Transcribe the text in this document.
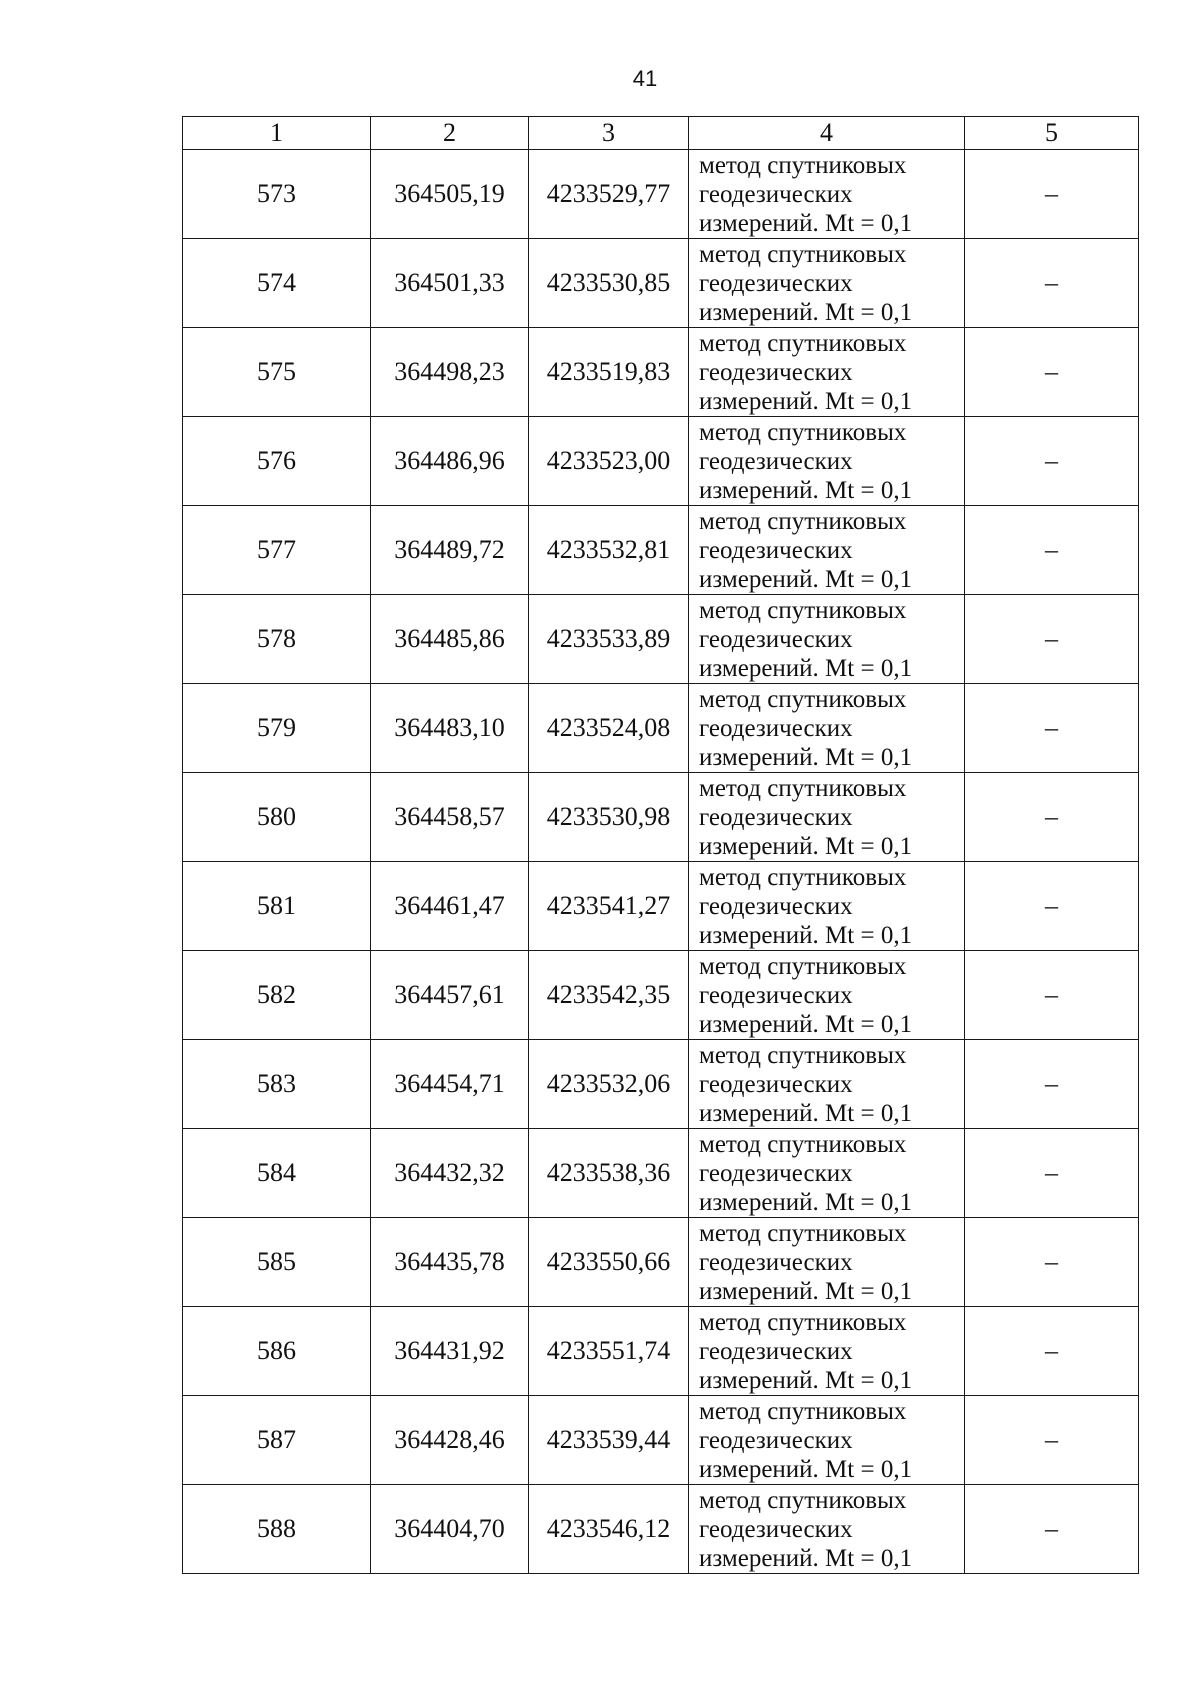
41
1	2	3	4	5
573	364505,19	4233529,77	метод спутниковых
геодезических
измерений. Mt = 0,1	–
574	364501,33	4233530,85	метод спутниковых
геодезических
измерений. Mt = 0,1	–
575	364498,23	4233519,83	метод спутниковых
геодезических
измерений. Mt = 0,1	–
576	364486,96	4233523,00	метод спутниковых
геодезических
измерений. Mt = 0,1	–
577	364489,72	4233532,81	метод спутниковых
геодезических
измерений. Mt = 0,1	–
578	364485,86	4233533,89	метод спутниковых
геодезических
измерений. Mt = 0,1	–
579	364483,10	4233524,08	метод спутниковых
геодезических
измерений. Mt = 0,1	–
580	364458,57	4233530,98	метод спутниковых
геодезических
измерений. Mt = 0,1	–
581	364461,47	4233541,27	метод спутниковых
геодезических
измерений. Mt = 0,1	–
582	364457,61	4233542,35	метод спутниковых
геодезических
измерений. Mt = 0,1	–
583	364454,71	4233532,06	метод спутниковых
геодезических
измерений. Mt = 0,1	–
584	364432,32	4233538,36	метод спутниковых
геодезических
измерений. Mt = 0,1	–
585	364435,78	4233550,66	метод спутниковых
геодезических
измерений. Mt = 0,1	–
586	364431,92	4233551,74	метод спутниковых
геодезических
измерений. Mt = 0,1	–
587	364428,46	4233539,44	метод спутниковых
геодезических
измерений. Mt = 0,1	–
588	364404,70	4233546,12	метод спутниковых
геодезических
измерений. Mt = 0,1	–
